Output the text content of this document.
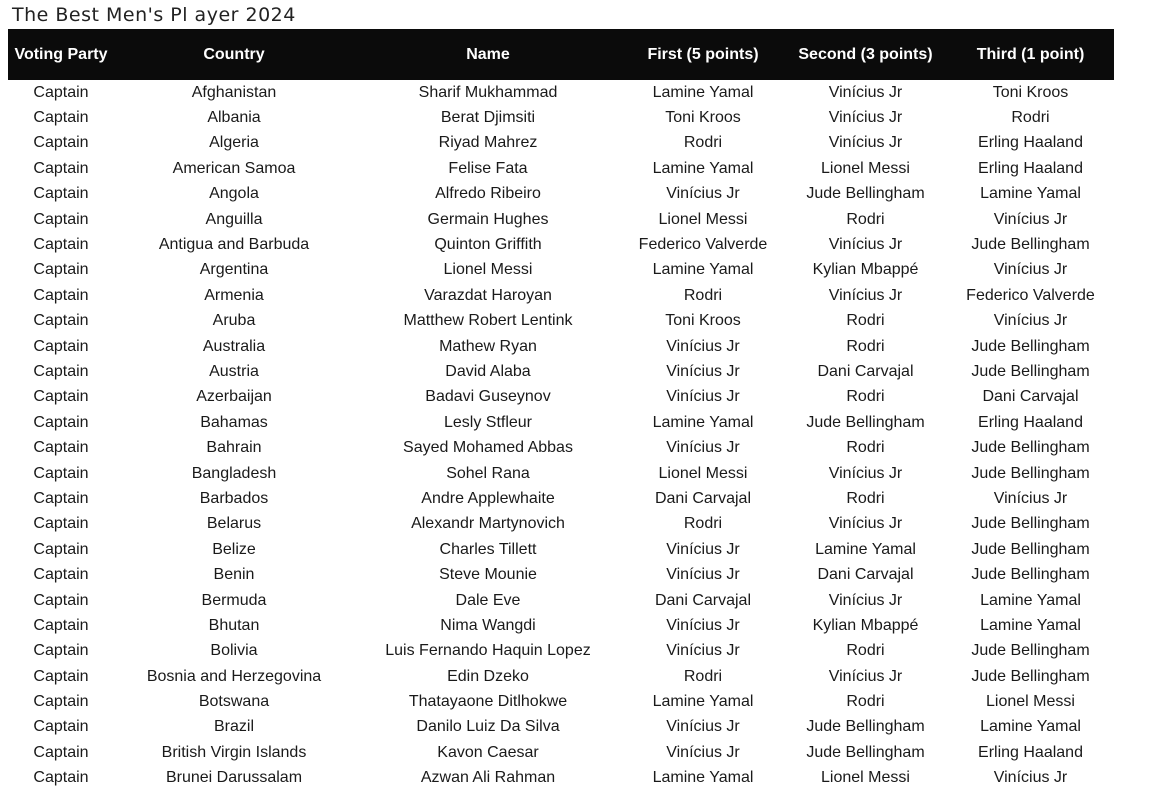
The Best Men's Pl ayer 2024
Voting Party	Country	Name	First (5 points)	Second (3 points)	Third (1 point)
Captain	Afghanistan	Sharif Mukhammad	Lamine Yamal	Vinícius Jr	Toni Kroos
Captain	Albania	Berat Djimsiti	Toni Kroos	Vinícius Jr	Rodri
Captain	Algeria	Riyad Mahrez	Rodri	Vinícius Jr	Erling Haaland
Captain	American Samoa	Felise Fata	Lamine Yamal	Lionel Messi	Erling Haaland
Captain	Angola	Alfredo Ribeiro	Vinícius Jr	Jude Bellingham	Lamine Yamal
Captain	Anguilla	Germain Hughes	Lionel Messi	Rodri	Vinícius Jr
Captain	Antigua and Barbuda	Quinton Griffith	Federico Valverde	Vinícius Jr	Jude Bellingham
Captain	Argentina	Lionel Messi	Lamine Yamal	Kylian Mbappé	Vinícius Jr
Captain	Armenia	Varazdat Haroyan	Rodri	Vinícius Jr	Federico Valverde
Captain	Aruba	Matthew Robert Lentink	Toni Kroos	Rodri	Vinícius Jr
Captain	Australia	Mathew Ryan	Vinícius Jr	Rodri	Jude Bellingham
Captain	Austria	David Alaba	Vinícius Jr	Dani Carvajal	Jude Bellingham
Captain	Azerbaijan	Badavi Guseynov	Vinícius Jr	Rodri	Dani Carvajal
Captain	Bahamas	Lesly Stfleur	Lamine Yamal	Jude Bellingham	Erling Haaland
Captain	Bahrain	Sayed Mohamed Abbas	Vinícius Jr	Rodri	Jude Bellingham
Captain	Bangladesh	Sohel Rana	Lionel Messi	Vinícius Jr	Jude Bellingham
Captain	Barbados	Andre Applewhaite	Dani Carvajal	Rodri	Vinícius Jr
Captain	Belarus	Alexandr Martynovich	Rodri	Vinícius Jr	Jude Bellingham
Captain	Belize	Charles Tillett	Vinícius Jr	Lamine Yamal	Jude Bellingham
Captain	Benin	Steve Mounie	Vinícius Jr	Dani Carvajal	Jude Bellingham
Captain	Bermuda	Dale Eve	Dani Carvajal	Vinícius Jr	Lamine Yamal
Captain	Bhutan	Nima Wangdi	Vinícius Jr	Kylian Mbappé	Lamine Yamal
Captain	Bolivia	Luis Fernando Haquin Lopez	Vinícius Jr	Rodri	Jude Bellingham
Captain	Bosnia and Herzegovina	Edin Dzeko	Rodri	Vinícius Jr	Jude Bellingham
Captain	Botswana	Thatayaone Ditlhokwe	Lamine Yamal	Rodri	Lionel Messi
Captain	Brazil	Danilo Luiz Da Silva	Vinícius Jr	Jude Bellingham	Lamine Yamal
Captain	British Virgin Islands	Kavon Caesar	Vinícius Jr	Jude Bellingham	Erling Haaland
Captain	Brunei Darussalam	Azwan Ali Rahman	Lamine Yamal	Lionel Messi	Vinícius Jr
